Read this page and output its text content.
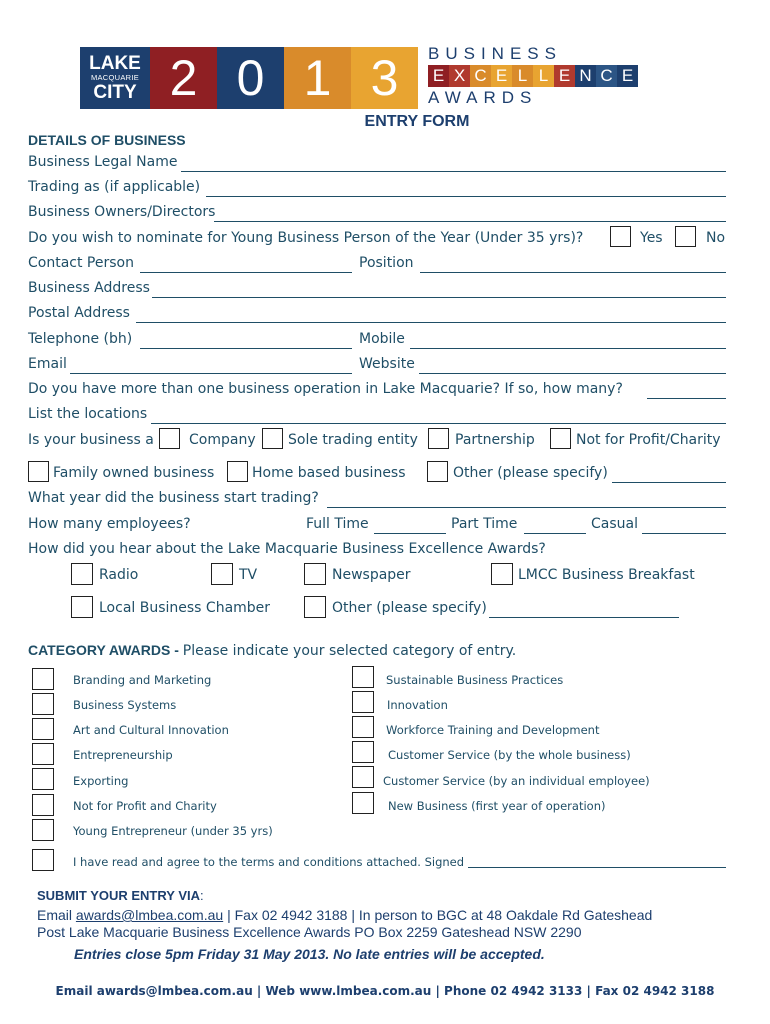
LAKE
MACQUARIE
CITY 2 0 1 3	BUSINESS
E X C E L L E N C E
AWARDS
ENTRY FORM
DETAILS OF BUSINESS
Business Legal Name
Trading as (if applicable)
Business Owners/Directors
Do you wish to nominate for Young Business Person of the Year (Under 35 yrs)?	Yes	No
Contact Person	Position
Business Address
Postal Address
Telephone (bh)	Mobile
Email	Website
Do you have more than one business operation in Lake Macquarie? If so, how many?
List the locations
Is your business a	Company Sole trading entity	Partnership	Not for Profit/Charity
Family owned business	Home based business	Other (please specify)
What year did the business start trading?
How many employees?	Full Time	Part Time	Casual
How did you hear about the Lake Macquarie Business Excellence Awards?
Radio	TV	Newspaper	LMCC Business Breakfast
Local Business Chamber	Other (please specify)
CATEGORY AWARDS - Please indicate your selected category of entry.
Branding and Marketing
Business Systems
Art and Cultural Innovation
Entrepreneurship
Exporting
Not for Profit and Charity
Young Entrepreneur (under 35 yrs)
Sustainable Business Practices
Innovation
Workforce Training and Development
Customer Service (by the whole business)
Customer Service (by an individual employee)
New Business (first year of operation)
I have read and agree to the terms and conditions attached. Signed
SUBMIT YOUR ENTRY VIA:
Email awards@lmbea.com.au | Fax 02 4942 3188 | In person to BGC at 48 Oakdale Rd Gateshead
Post Lake Macquarie Business Excellence Awards PO Box 2259 Gateshead NSW 2290
Entries close 5pm Friday 31 May 2013. No late entries will be accepted.
Email awards@lmbea.com.au | Web www.lmbea.com.au | Phone 02 4942 3133 | Fax 02 4942 3188
